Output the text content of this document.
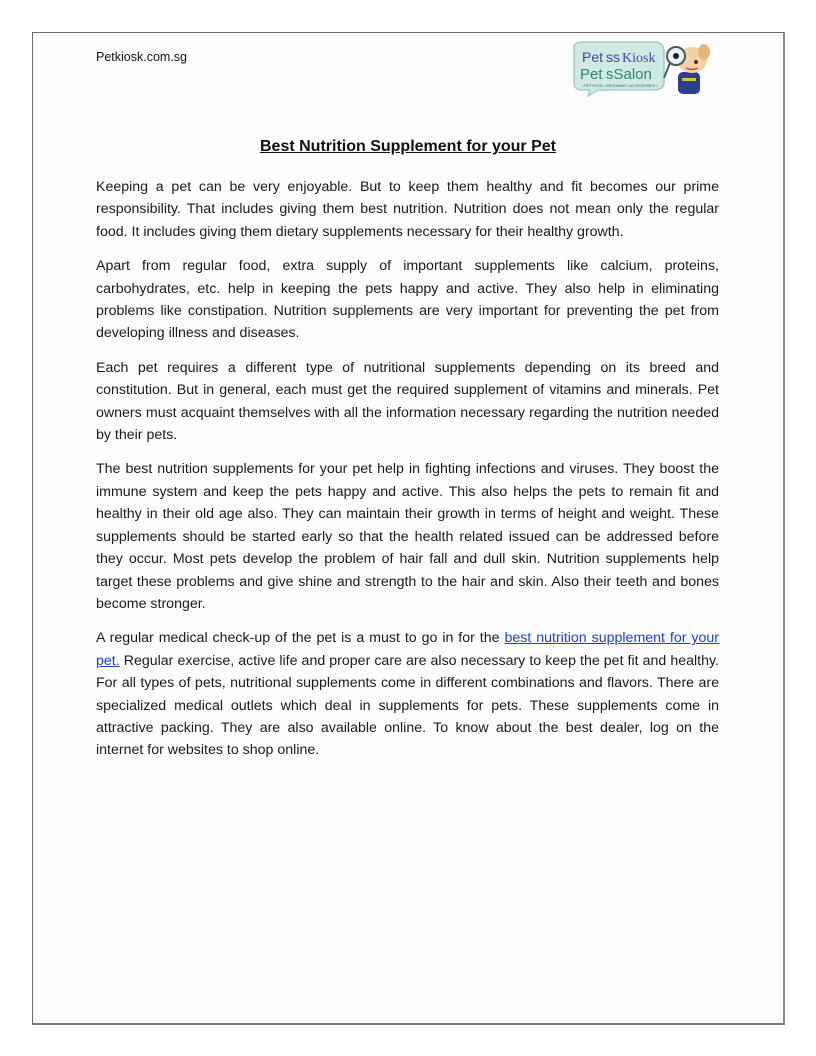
Petkiosk.com.sg	Pet ss Kiosk
Pet sSalon
• PET FOOD • GROOMING • ACCESSORIES •
Best Nutrition Supplement for your Pet

Keeping a pet can be very enjoyable. But to keep them healthy and fit becomes our prime responsibility. That includes giving them best nutrition. Nutrition does not mean only the regular food. It includes giving them dietary supplements necessary for their healthy growth.

Apart from regular food, extra supply of important supplements like calcium, proteins, carbohydrates, etc. help in keeping the pets happy and active. They also help in eliminating problems like constipation. Nutrition supplements are very important for preventing the pet from developing illness and diseases.

Each pet requires a different type of nutritional supplements depending on its breed and constitution. But in general, each must get the required supplement of vitamins and minerals. Pet owners must acquaint themselves with all the information necessary regarding the nutrition needed by their pets.

The best nutrition supplements for your pet help in fighting infections and viruses. They boost the immune system and keep the pets happy and active. This also helps the pets to remain fit and healthy in their old age also. They can maintain their growth in terms of height and weight. These supplements should be started early so that the health related issued can be addressed before they occur. Most pets develop the problem of hair fall and dull skin. Nutrition supplements help target these problems and give shine and strength to the hair and skin. Also their teeth and bones become stronger.

A regular medical check-up of the pet is a must to go in for the best nutrition supplement for your pet. Regular exercise, active life and proper care are also necessary to keep the pet fit and healthy. For all types of pets, nutritional supplements come in different combinations and flavors. There are specialized medical outlets which deal in supplements for pets. These supplements come in attractive packing. They are also available online. To know about the best dealer, log on the internet for websites to shop online.
